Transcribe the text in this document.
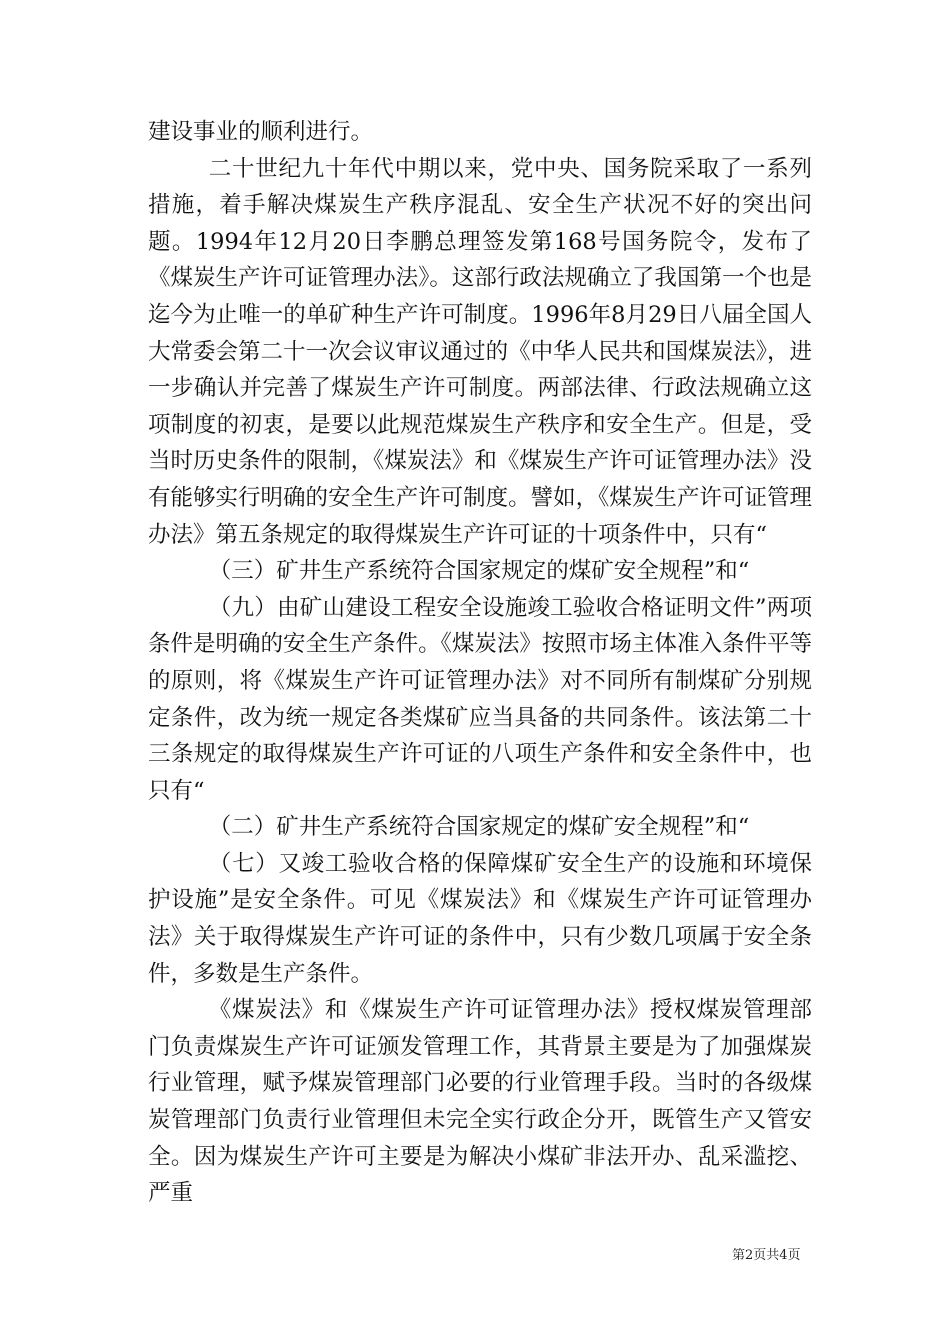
建设事业的顺利进行。

二十世纪九十年代中期以来，党中央、国务院采取了一系列措施，着手解决煤炭生产秩序混乱、安全生产状况不好的突出问题。1994年12月20日李鹏总理签发第168号国务院令，发布了《煤炭生产许可证管理办法》。这部行政法规确立了我国第一个也是迄今为止唯一的单矿种生产许可制度。1996年8月29日八届全国人大常委会第二十一次会议审议通过的《中华人民共和国煤炭法》，进一步确认并完善了煤炭生产许可制度。两部法律、行政法规确立这项制度的初衷，是要以此规范煤炭生产秩序和安全生产。但是，受当时历史条件的限制，《煤炭法》和《煤炭生产许可证管理办法》没有能够实行明确的安全生产许可制度。譬如，《煤炭生产许可证管理办法》第五条规定的取得煤炭生产许可证的十项条件中，只有“

（三）矿井生产系统符合国家规定的煤矿安全规程”和“

（九）由矿山建设工程安全设施竣工验收合格证明文件”两项条件是明确的安全生产条件。《煤炭法》按照市场主体准入条件平等的原则，将《煤炭生产许可证管理办法》对不同所有制煤矿分别规定条件，改为统一规定各类煤矿应当具备的共同条件。该法第二十三条规定的取得煤炭生产许可证的八项生产条件和安全条件中，也只有“

（二）矿井生产系统符合国家规定的煤矿安全规程”和“

（七）又竣工验收合格的保障煤矿安全生产的设施和环境保护设施”是安全条件。可见《煤炭法》和《煤炭生产许可证管理办法》关于取得煤炭生产许可证的条件中，只有少数几项属于安全条件，多数是生产条件。

《煤炭法》和《煤炭生产许可证管理办法》授权煤炭管理部门负责煤炭生产许可证颁发管理工作，其背景主要是为了加强煤炭行业管理，赋予煤炭管理部门必要的行业管理手段。当时的各级煤炭管理部门负责行业管理但未完全实行政企分开，既管生产又管安全。因为煤炭生产许可主要是为解决小煤矿非法开办、乱采滥挖、严重

第2页共4页
